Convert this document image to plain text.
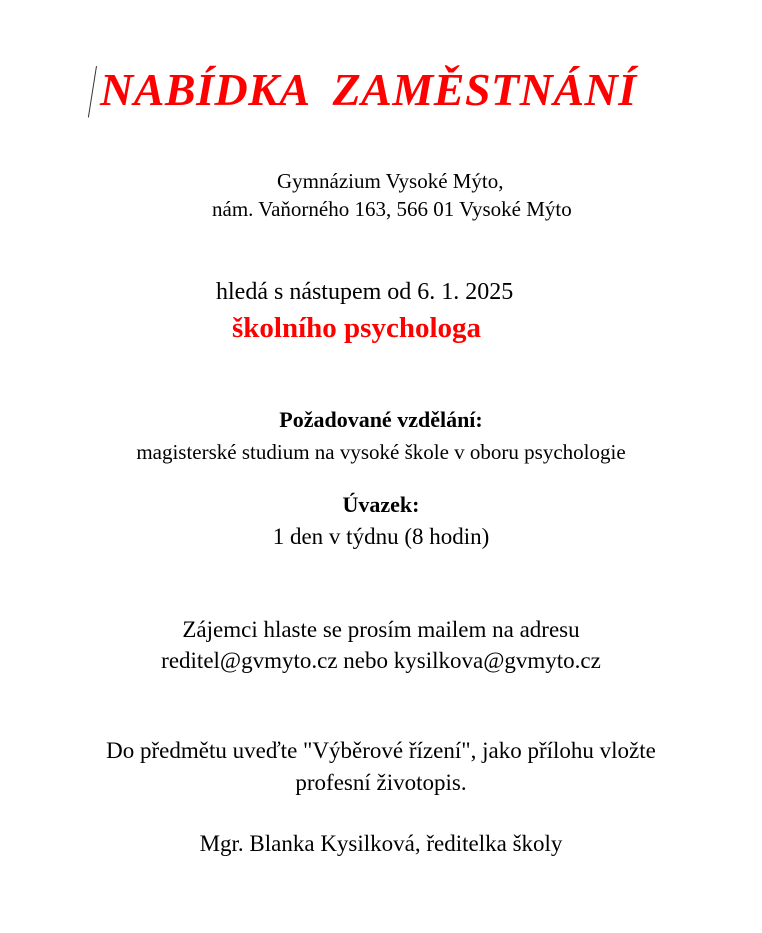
NABÍDKA ZAMĚSTNÁNÍ
Gymnázium Vysoké Mýto,
nám. Vaňorného 163, 566 01 Vysoké Mýto
hledá s nástupem od 6. 1. 2025
školního psychologa
Požadované vzdělání:
magisterské studium na vysoké škole v oboru psychologie
Úvazek:
1 den v týdnu (8 hodin)
Zájemci hlaste se prosím mailem na adresu
reditel@gvmyto.cz nebo kysilkova@gvmyto.cz
Do předmětu uveďte "Výběrové řízení", jako přílohu vložte
profesní životopis.
Mgr. Blanka Kysilková, ředitelka školy
